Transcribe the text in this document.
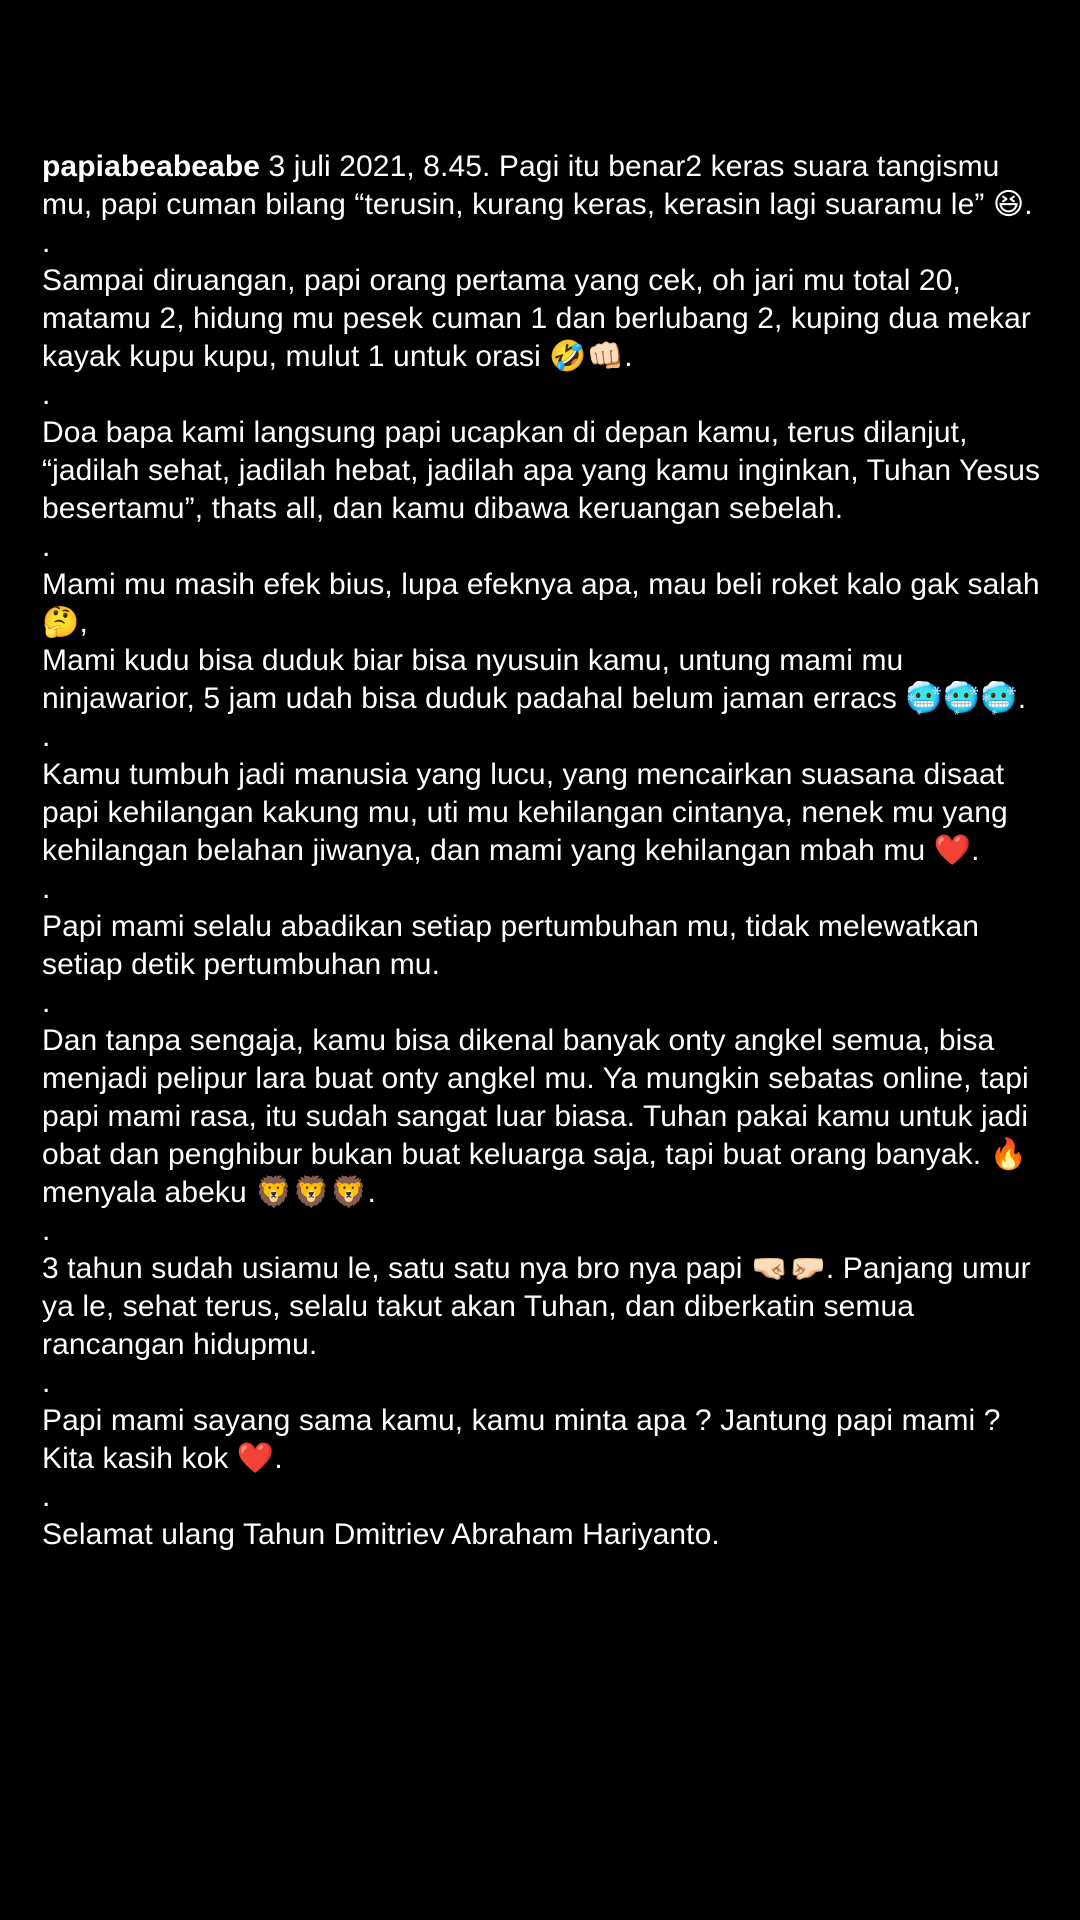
papiabeabeabe 3 juli 2021, 8.45. Pagi itu benar2 keras suara tangismu mu, papi cuman bilang “terusin, kurang keras, kerasin lagi suaramu le” 😆.

.

Sampai diruangan, papi orang pertama yang cek, oh jari mu total 20, matamu 2, hidung mu pesek cuman 1 dan berlubang 2, kuping dua mekar kayak kupu kupu, mulut 1 untuk orasi 🤣👊🏻.

.

Doa bapa kami langsung papi ucapkan di depan kamu, terus dilanjut, “jadilah sehat, jadilah hebat, jadilah apa yang kamu inginkan, Tuhan Yesus besertamu”, thats all, dan kamu dibawa keruangan sebelah.

.

Mami mu masih efek bius, lupa efeknya apa, mau beli roket kalo gak salah 🤔,

Mami kudu bisa duduk biar bisa nyusuin kamu, untung mami mu ninjawarior, 5 jam udah bisa duduk padahal belum jaman erracs 🥶🥶🥶.

.

Kamu tumbuh jadi manusia yang lucu, yang mencairkan suasana disaat papi kehilangan kakung mu, uti mu kehilangan cintanya, nenek mu yang kehilangan belahan jiwanya, dan mami yang kehilangan mbah mu ❤️.

.

Papi mami selalu abadikan setiap pertumbuhan mu, tidak melewatkan setiap detik pertumbuhan mu.

.

Dan tanpa sengaja, kamu bisa dikenal banyak onty angkel semua, bisa menjadi pelipur lara buat onty angkel mu. Ya mungkin sebatas online, tapi papi mami rasa, itu sudah sangat luar biasa. Tuhan pakai kamu untuk jadi obat dan penghibur bukan buat keluarga saja, tapi buat orang banyak. 🔥 menyala abeku 🦁🦁🦁.

.

3 tahun sudah usiamu le, satu satu nya bro nya papi 🤜🏻🤛🏻. Panjang umur ya le, sehat terus, selalu takut akan Tuhan, dan diberkatin semua rancangan hidupmu.

.

Papi mami sayang sama kamu, kamu minta apa ? Jantung papi mami ? Kita kasih kok ❤️.

.

Selamat ulang Tahun Dmitriev Abraham Hariyanto.
